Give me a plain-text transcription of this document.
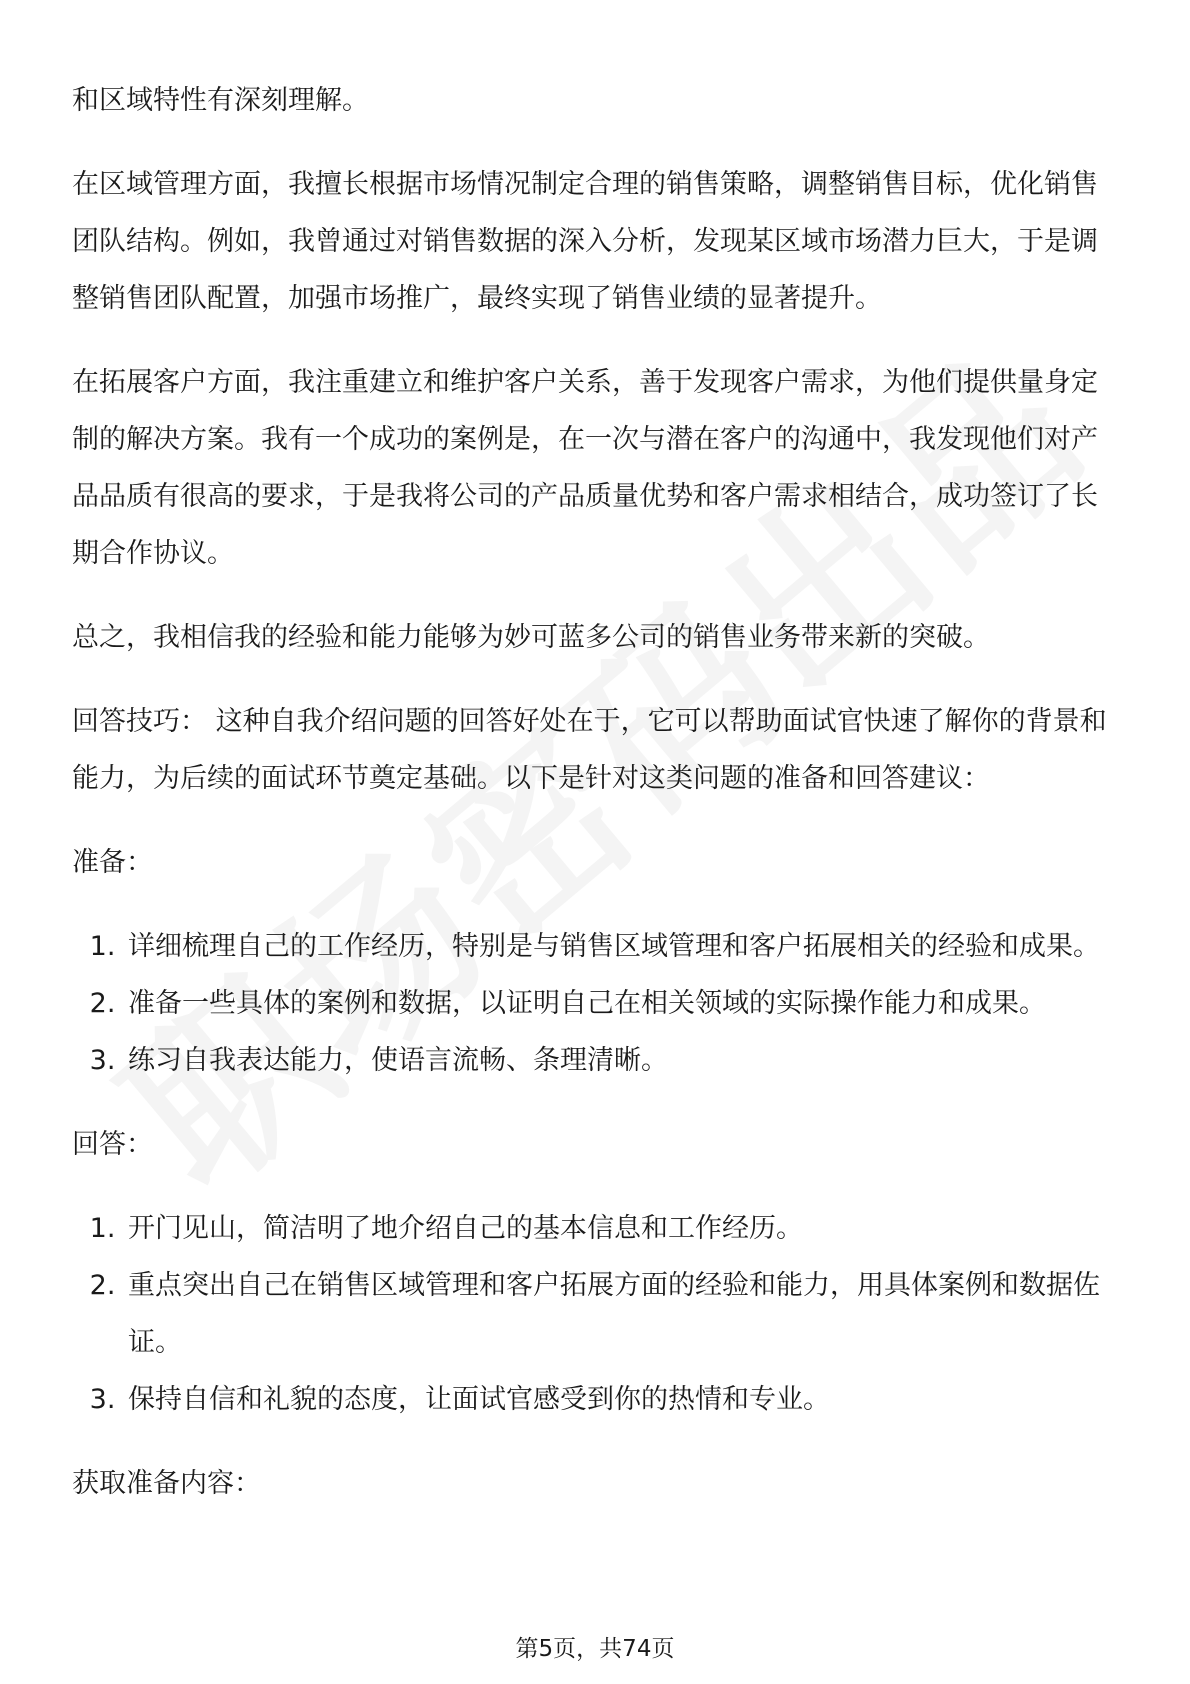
和区域特性有深刻理解。

在区域管理方面，我擅长根据市场情况制定合理的销售策略，调整销售目标，优化销售团队结构。例如，我曾通过对销售数据的深入分析，发现某区域市场潜力巨大，于是调整销售团队配置，加强市场推广，最终实现了销售业绩的显著提升。

在拓展客户方面，我注重建立和维护客户关系，善于发现客户需求，为他们提供量身定制的解决方案。我有一个成功的案例是，在一次与潜在客户的沟通中，我发现他们对产品品质有很高的要求，于是我将公司的产品质量优势和客户需求相结合，成功签订了长期合作协议。

总之，我相信我的经验和能力能够为妙可蓝多公司的销售业务带来新的突破。

回答技巧： 这种自我介绍问题的回答好处在于，它可以帮助面试官快速了解你的背景和能力，为后续的面试环节奠定基础。以下是针对这类问题的准备和回答建议：

准备：

1. 详细梳理自己的工作经历，特别是与销售区域管理和客户拓展相关的经验和成果。
2. 准备一些具体的案例和数据，以证明自己在相关领域的实际操作能力和成果。
3. 练习自我表达能力，使语言流畅、条理清晰。

回答：

1. 开门见山，简洁明了地介绍自己的基本信息和工作经历。
2. 重点突出自己在销售区域管理和客户拓展方面的经验和能力，用具体案例和数据佐证。
3. 保持自信和礼貌的态度，让面试官感受到你的热情和专业。

获取准备内容：

第5页，共74页
